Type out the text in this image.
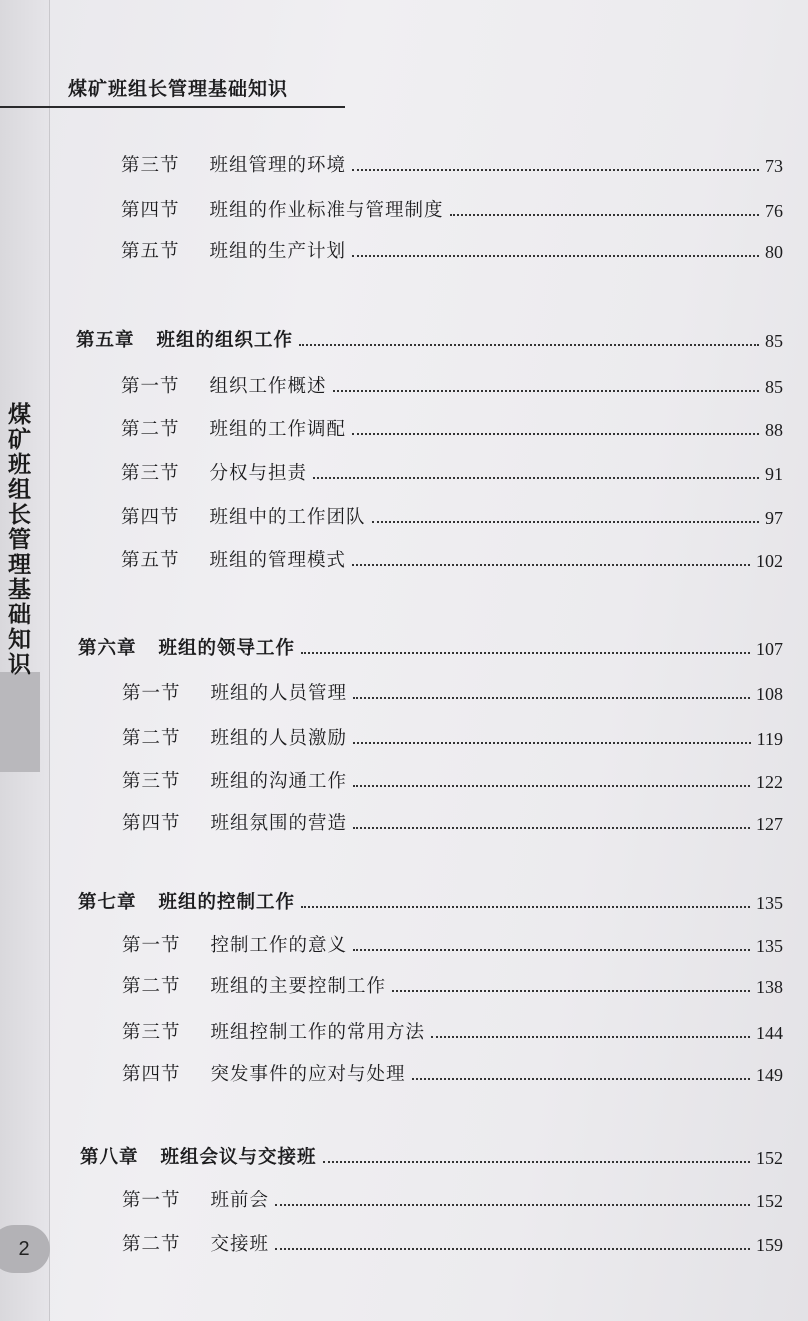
煤矿班组长管理基础知识
2
煤矿班组长管理基础知识
第三节 班组管理的环境	73
第四节 班组的作业标准与管理制度	76
第五节 班组的生产计划	80
第五章 班组的组织工作	85
第一节 组织工作概述	85
第二节 班组的工作调配	88
第三节 分权与担责	91
第四节 班组中的工作团队	97
第五节 班组的管理模式	102
第六章 班组的领导工作	107
第一节 班组的人员管理	108
第二节 班组的人员激励	119
第三节 班组的沟通工作	122
第四节 班组氛围的营造	127
第七章 班组的控制工作	135
第一节 控制工作的意义	135
第二节 班组的主要控制工作	138
第三节 班组控制工作的常用方法	144
第四节 突发事件的应对与处理	149
第八章 班组会议与交接班	152
第一节 班前会	152
第二节 交接班	159
